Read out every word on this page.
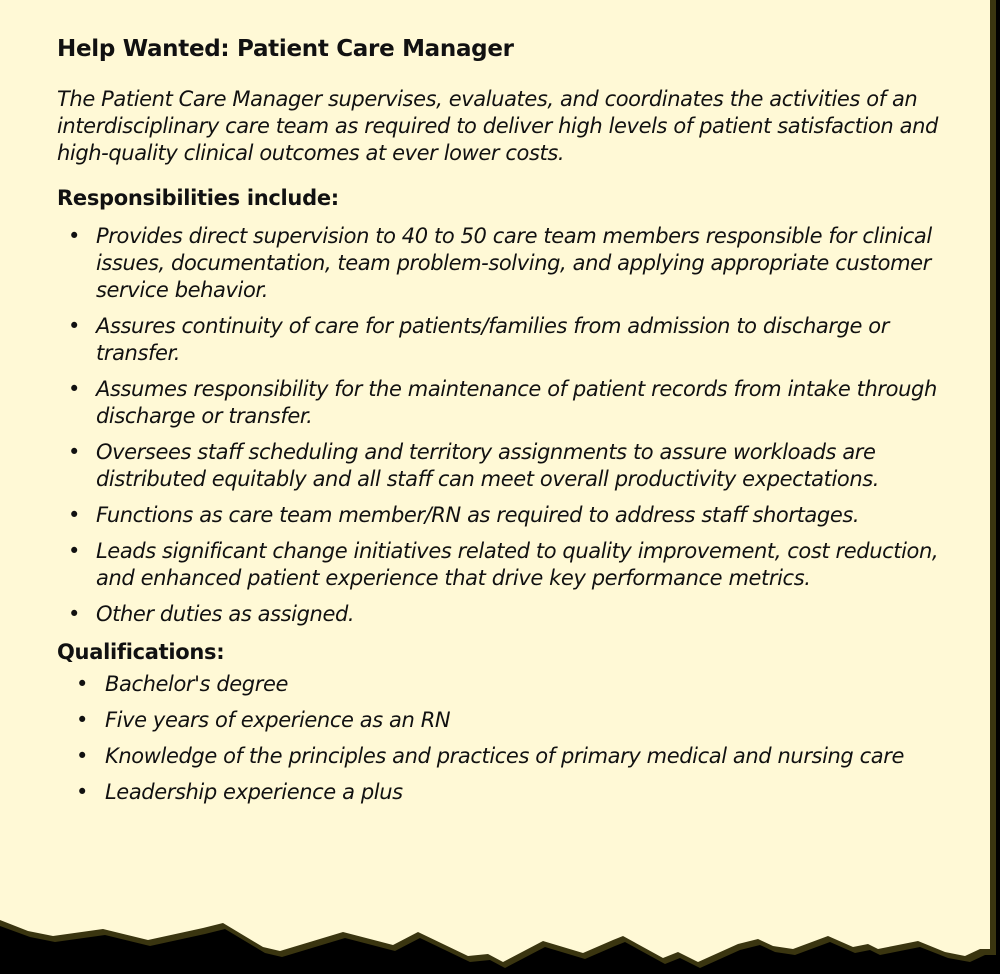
Help Wanted: Patient Care Manager

The Patient Care Manager supervises, evaluates, and coordinates the activities of an interdisciplinary care team as required to deliver high levels of patient satisfaction and high-quality clinical outcomes at ever lower costs.

Responsibilities include:
• Provides direct supervision to 40 to 50 care team members responsible for clinical issues, documentation, team problem-solving, and applying appropriate customer service behavior.
• Assures continuity of care for patients/families from admission to discharge or transfer.
• Assumes responsibility for the maintenance of patient records from intake through discharge or transfer.
• Oversees staff scheduling and territory assignments to assure workloads are distributed equitably and all staff can meet overall productivity expectations.
• Functions as care team member/RN as required to address staff shortages.
• Leads significant change initiatives related to quality improvement, cost reduction, and enhanced patient experience that drive key performance metrics.
• Other duties as assigned.
Qualifications:
• Bachelor's degree
• Five years of experience as an RN
• Knowledge of the principles and practices of primary medical and nursing care
• Leadership experience a plus
